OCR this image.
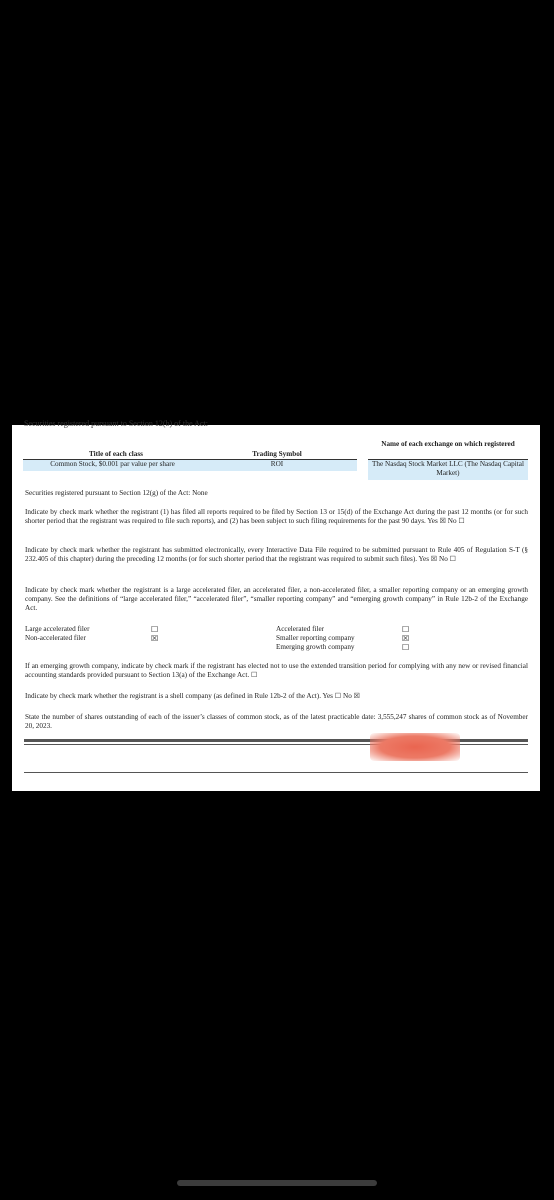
Securities registered pursuant to Section 12(b) of the Act:
Title of each class	Trading Symbol
Name of each exchange on which registered
Common Stock, $0.001 par value per share	ROI	The Nasdaq Stock Market LLC (The Nasdaq Capital Market)
Securities registered pursuant to Section 12(g) of the Act: None
Indicate by check mark whether the registrant (1) has filed all reports required to be filed by Section 13 or 15(d) of the Exchange Act during the past 12 months (or for such shorter period that the registrant was required to file such reports), and (2) has been subject to such filing requirements for the past 90 days. Yes ☒ No ☐
Indicate by check mark whether the registrant has submitted electronically, every Interactive Data File required to be submitted pursuant to Rule 405 of Regulation S-T (§ 232.405 of this chapter) during the preceding 12 months (or for such shorter period that the registrant was required to submit such files). Yes ☒ No ☐
Indicate by check mark whether the registrant is a large accelerated filer, an accelerated filer, a non-accelerated filer, a smaller reporting company or an emerging growth company. See the definitions of “large accelerated filer,” “accelerated filer”, “smaller reporting company” and “emerging growth company” in Rule 12b-2 of the Exchange Act.
Large accelerated filer	☐
Non-accelerated filer	☒
Accelerated filer	☐
Smaller reporting company	☒
Emerging growth company	☐
If an emerging growth company, indicate by check mark if the registrant has elected not to use the extended transition period for complying with any new or revised financial accounting standards provided pursuant to Section 13(a) of the Exchange Act. ☐
Indicate by check mark whether the registrant is a shell company (as defined in Rule 12b-2 of the Act). Yes ☐ No ☒
State the number of shares outstanding of each of the issuer’s classes of common stock, as of the latest practicable date: 3,555,247 shares of common stock as of November 20, 2023.
